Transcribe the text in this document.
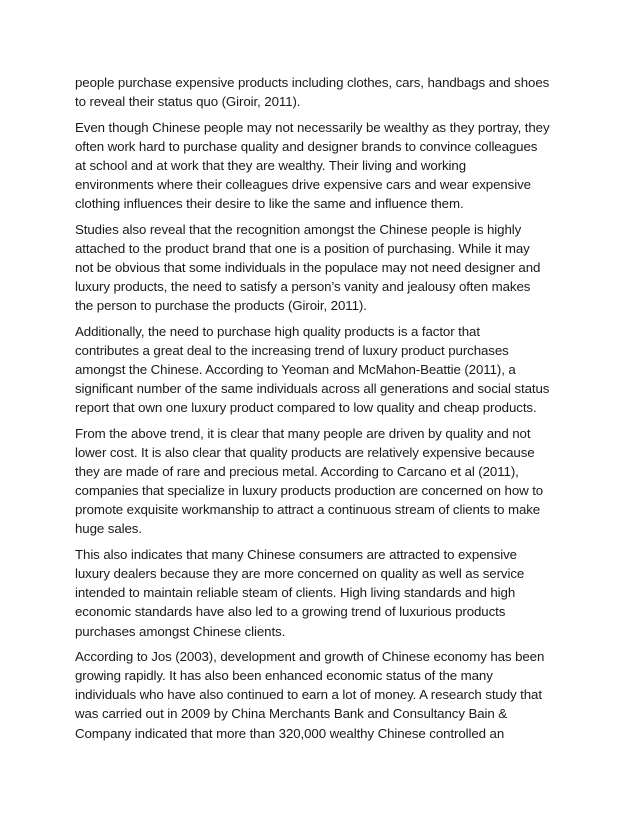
people purchase expensive products including clothes, cars, handbags and shoes
to reveal their status quo (Giroir, 2011).

Even though Chinese people may not necessarily be wealthy as they portray, they
often work hard to purchase quality and designer brands to convince colleagues
at school and at work that they are wealthy. Their living and working
environments where their colleagues drive expensive cars and wear expensive
clothing influences their desire to like the same and influence them.

Studies also reveal that the recognition amongst the Chinese people is highly
attached to the product brand that one is a position of purchasing. While it may
not be obvious that some individuals in the populace may not need designer and
luxury products, the need to satisfy a person’s vanity and jealousy often makes
the person to purchase the products (Giroir, 2011).

Additionally, the need to purchase high quality products is a factor that
contributes a great deal to the increasing trend of luxury product purchases
amongst the Chinese. According to Yeoman and McMahon-Beattie (2011), a
significant number of the same individuals across all generations and social status
report that own one luxury product compared to low quality and cheap products.

From the above trend, it is clear that many people are driven by quality and not
lower cost. It is also clear that quality products are relatively expensive because
they are made of rare and precious metal. According to Carcano et al (2011),
companies that specialize in luxury products production are concerned on how to
promote exquisite workmanship to attract a continuous stream of clients to make
huge sales.

This also indicates that many Chinese consumers are attracted to expensive
luxury dealers because they are more concerned on quality as well as service
intended to maintain reliable steam of clients. High living standards and high
economic standards have also led to a growing trend of luxurious products
purchases amongst Chinese clients.

According to Jos (2003), development and growth of Chinese economy has been
growing rapidly. It has also been enhanced economic status of the many
individuals who have also continued to earn a lot of money. A research study that
was carried out in 2009 by China Merchants Bank and Consultancy Bain &
Company indicated that more than 320,000 wealthy Chinese controlled an
